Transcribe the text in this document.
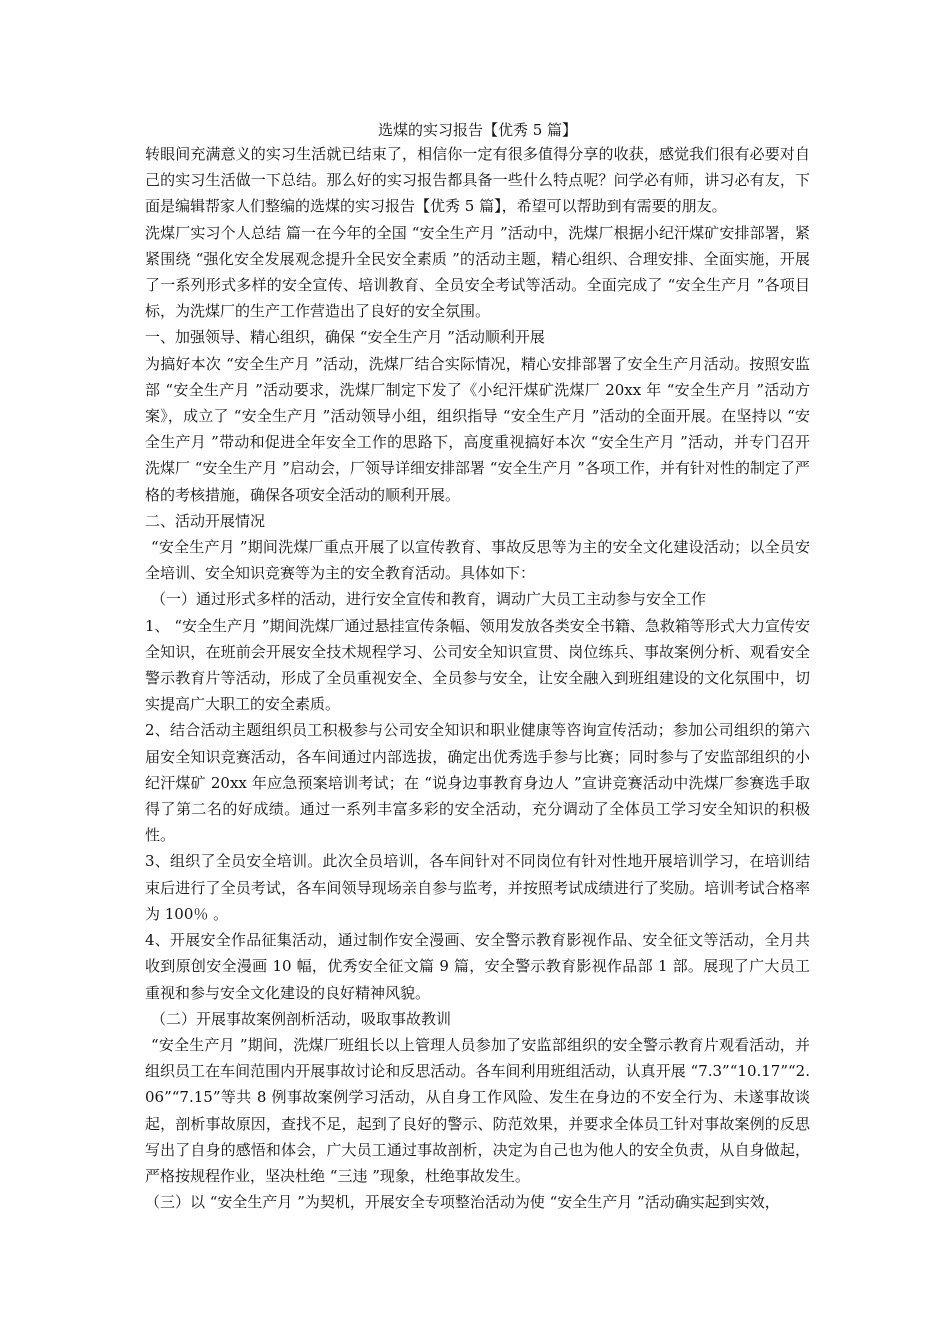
选煤的实习报告【优秀 5 篇】

转眼间充满意义的实习生活就已结束了，相信你一定有很多值得分享的收获，感觉我们很有必要对自己的实习生活做一下总结。那么好的实习报告都具备一些什么特点呢？问学必有师，讲习必有友，下面是编辑帮家人们整编的选煤的实习报告【优秀 5 篇】，希望可以帮助到有需要的朋友。

洗煤厂实习个人总结 篇一在今年的全国 “安全生产月 ”活动中，洗煤厂根据小纪汗煤矿安排部署，紧紧围绕 “强化安全发展观念提升全民安全素质 ”的活动主题，精心组织、合理安排、全面实施，开展了一系列形式多样的安全宣传、培训教育、全员安全考试等活动。全面完成了 “安全生产月 ”各项目标，为洗煤厂的生产工作营造出了良好的安全氛围。

一、加强领导、精心组织，确保 “安全生产月 ”活动顺利开展

为搞好本次 “安全生产月 ”活动，洗煤厂结合实际情况，精心安排部署了安全生产月活动。按照安监部 “安全生产月 ”活动要求，洗煤厂制定下发了《小纪汗煤矿洗煤厂 20xx 年 “安全生产月 ”活动方案》，成立了 “安全生产月 ”活动领导小组，组织指导 “安全生产月 ”活动的全面开展。在坚持以 “安全生产月 ”带动和促进全年安全工作的思路下，高度重视搞好本次 “安全生产月 ”活动，并专门召开洗煤厂 “安全生产月 ”启动会，厂领导详细安排部署 “安全生产月 ”各项工作，并有针对性的制定了严格的考核措施，确保各项安全活动的顺利开展。

二、活动开展情况

“安全生产月 ”期间洗煤厂重点开展了以宣传教育、事故反思等为主的安全文化建设活动；以全员安全培训、安全知识竞赛等为主的安全教育活动。具体如下：

（一）通过形式多样的活动，进行安全宣传和教育，调动广大员工主动参与安全工作

1、 “安全生产月 ”期间洗煤厂通过悬挂宣传条幅、领用发放各类安全书籍、急救箱等形式大力宣传安全知识，在班前会开展安全技术规程学习、公司安全知识宣贯、岗位练兵、事故案例分析、观看安全警示教育片等活动，形成了全员重视安全、全员参与安全，让安全融入到班组建设的文化氛围中，切实提高广大职工的安全素质。

2、结合活动主题组织员工积极参与公司安全知识和职业健康等咨询宣传活动；参加公司组织的第六届安全知识竞赛活动，各车间通过内部选拔，确定出优秀选手参与比赛；同时参与了安监部组织的小纪汗煤矿 20xx 年应急预案培训考试；在 “说身边事教育身边人 ”宣讲竞赛活动中洗煤厂参赛选手取得了第二名的好成绩。通过一系列丰富多彩的安全活动，充分调动了全体员工学习安全知识的积极性。

3、组织了全员安全培训。此次全员培训，各车间针对不同岗位有针对性地开展培训学习，在培训结束后进行了全员考试，各车间领导现场亲自参与监考，并按照考试成绩进行了奖励。培训考试合格率为 100％ 。

4、开展安全作品征集活动，通过制作安全漫画、安全警示教育影视作品、安全征文等活动，全月共收到原创安全漫画 10 幅，优秀安全征文篇 9 篇，安全警示教育影视作品部 1 部。展现了广大员工重视和参与安全文化建设的良好精神风貌。

（二）开展事故案例剖析活动，吸取事故教训

“安全生产月 ”期间，洗煤厂班组长以上管理人员参加了安监部组织的安全警示教育片观看活动，并组织员工在车间范围内开展事故讨论和反思活动。各车间利用班组活动，认真开展 “7.3”“10.17”“2.06”“7.15”等共 8 例事故案例学习活动，从自身工作风险、发生在身边的不安全行为、未遂事故谈起，剖析事故原因，查找不足，起到了良好的警示、防范效果，并要求全体员工针对事故案例的反思写出了自身的感悟和体会，广大员工通过事故剖析，决定为自己也为他人的安全负责，从自身做起，严格按规程作业，坚决杜绝 “三违 ”现象，杜绝事故发生。

（三）以 “安全生产月 ”为契机，开展安全专项整治活动为使 “安全生产月 ”活动确实起到实效，
